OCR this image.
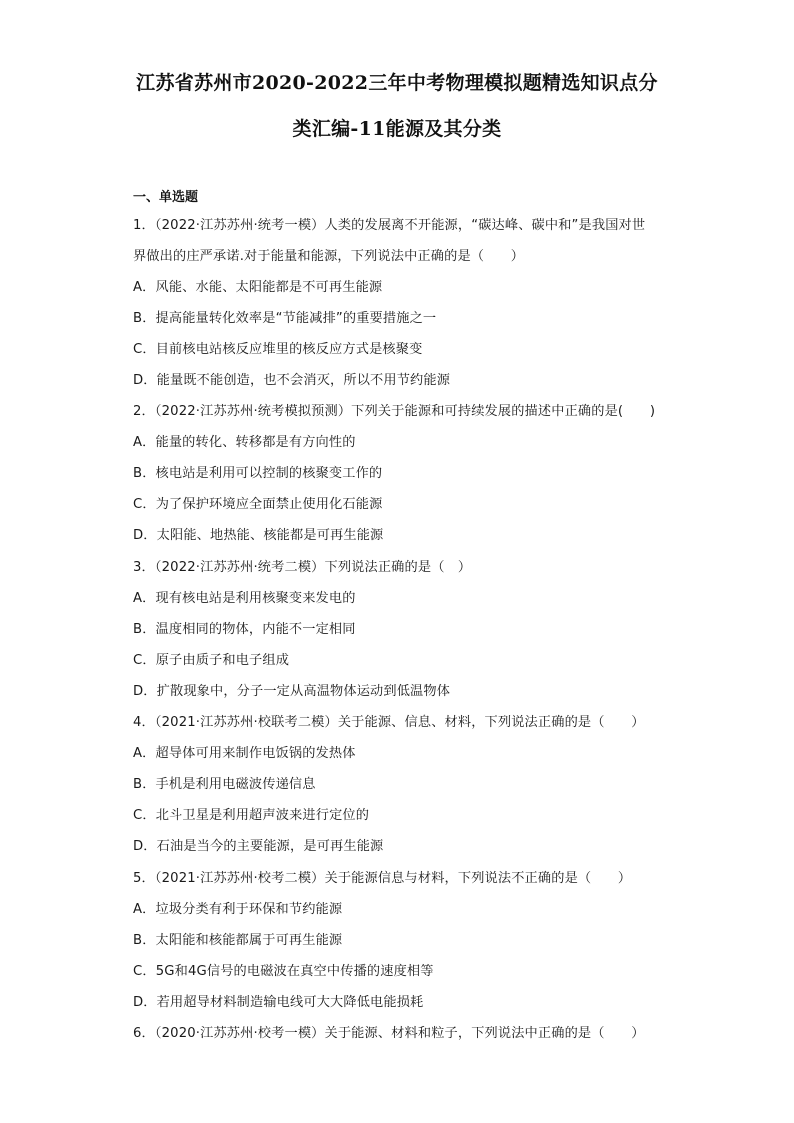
江苏省苏州市2020-2022三年中考物理模拟题精选知识点分
类汇编-11能源及其分类
一、单选题
1．（2022·江苏苏州·统考一模）人类的发展离不开能源，“碳达峰、碳中和”是我国对世
界做出的庄严承诺.对于能量和能源，下列说法中正确的是（　　）
A．风能、水能、太阳能都是不可再生能源
B．提高能量转化效率是“节能减排”的重要措施之一
C．目前核电站核反应堆里的核反应方式是核聚变
D．能量既不能创造，也不会消灭，所以不用节约能源
2．（2022·江苏苏州·统考模拟预测）下列关于能源和可持续发展的描述中正确的是(　　)
A．能量的转化、转移都是有方向性的
B．核电站是利用可以控制的核聚变工作的
C．为了保护环境应全面禁止使用化石能源
D．太阳能、地热能、核能都是可再生能源
3．（2022·江苏苏州·统考二模）下列说法正确的是（　）
A．现有核电站是利用核聚变来发电的
B．温度相同的物体，内能不一定相同
C．原子由质子和电子组成
D．扩散现象中，分子一定从高温物体运动到低温物体
4．（2021·江苏苏州·校联考二模）关于能源、信息、材料，下列说法正确的是（　　）
A．超导体可用来制作电饭锅的发热体
B．手机是利用电磁波传递信息
C．北斗卫星是利用超声波来进行定位的
D．石油是当今的主要能源，是可再生能源
5．（2021·江苏苏州·校考二模）关于能源信息与材料，下列说法不正确的是（　　）
A．垃圾分类有利于环保和节约能源
B．太阳能和核能都属于可再生能源
C．5G和4G信号的电磁波在真空中传播的速度相等
D．若用超导材料制造输电线可大大降低电能损耗
6．（2020·江苏苏州·校考一模）关于能源、材料和粒子，下列说法中正确的是（　　）
